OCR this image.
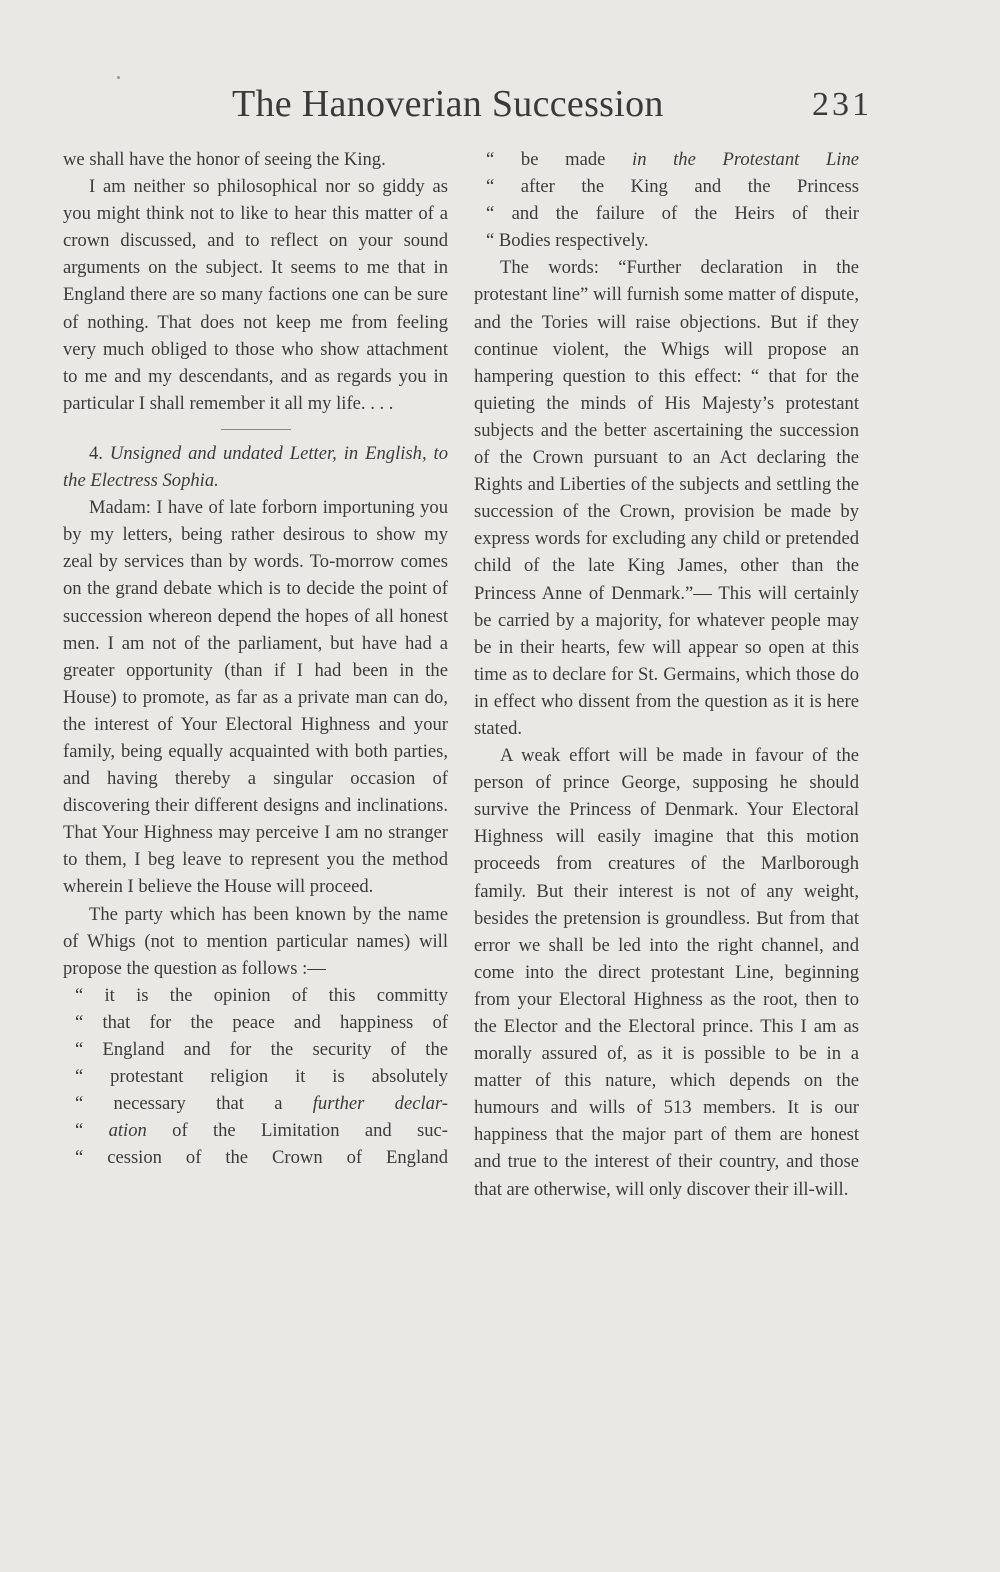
The Hanoverian Succession	231

we shall have the honor of seeing the King.

I am neither so philosophical nor so giddy as you might think not to like to hear this matter of a crown discussed, and to reflect on your sound arguments on the subject. It seems to me that in England there are so many factions one can be sure of nothing. That does not keep me from feeling very much obliged to those who show attachment to me and my descendants, and as regards you in particular I shall remember it all my life. . . .

4. Unsigned and undated Letter, in English, to the Electress Sophia.

Madam: I have of late forborn importuning you by my letters, being rather desirous to show my zeal by services than by words. To-morrow comes on the grand debate which is to decide the point of succession whereon depend the hopes of all honest men. I am not of the parliament, but have had a greater opportunity (than if I had been in the House) to promote, as far as a private man can do, the interest of Your Electoral Highness and your family, being equally acquainted with both parties, and having thereby a singular occasion of discovering their different designs and inclinations. That Your Highness may perceive I am no stranger to them, I beg leave to represent you the method wherein I believe the House will proceed.

The party which has been known by the name of Whigs (not to mention particular names) will propose the question as follows :—

“ it is the opinion of this committy
“ that for the peace and happiness of
“ England and for the security of the
“ protestant religion it is absolutely
“ necessary that a further declar-
“ ation of the Limitation and suc-
“ cession of the Crown of England
“ be made in the Protestant Line
“ after the King and the Princess
“ and the failure of the Heirs of their
“ Bodies respectively.

The words: “Further declaration in the protestant line” will furnish some matter of dispute, and the Tories will raise objections. But if they continue violent, the Whigs will propose an hampering question to this effect: “ that for the quieting the minds of His Majesty’s protestant subjects and the better ascertaining the succession of the Crown pursuant to an Act declaring the Rights and Liberties of the subjects and settling the succession of the Crown, provision be made by express words for excluding any child or pretended child of the late King James, other than the Princess Anne of Denmark.”— This will certainly be carried by a majority, for whatever people may be in their hearts, few will appear so open at this time as to declare for St. Germains, which those do in effect who dissent from the question as it is here stated.

A weak effort will be made in favour of the person of prince George, supposing he should survive the Princess of Denmark. Your Electoral Highness will easily imagine that this motion proceeds from creatures of the Marlborough family. But their interest is not of any weight, besides the pretension is groundless. But from that error we shall be led into the right channel, and come into the direct protestant Line, beginning from your Electoral Highness as the root, then to the Elector and the Electoral prince. This I am as morally assured of, as it is possible to be in a matter of this nature, which depends on the humours and wills of 513 members. It is our happiness that the major part of them are honest and true to the interest of their country, and those that are otherwise, will only discover their ill-will.
